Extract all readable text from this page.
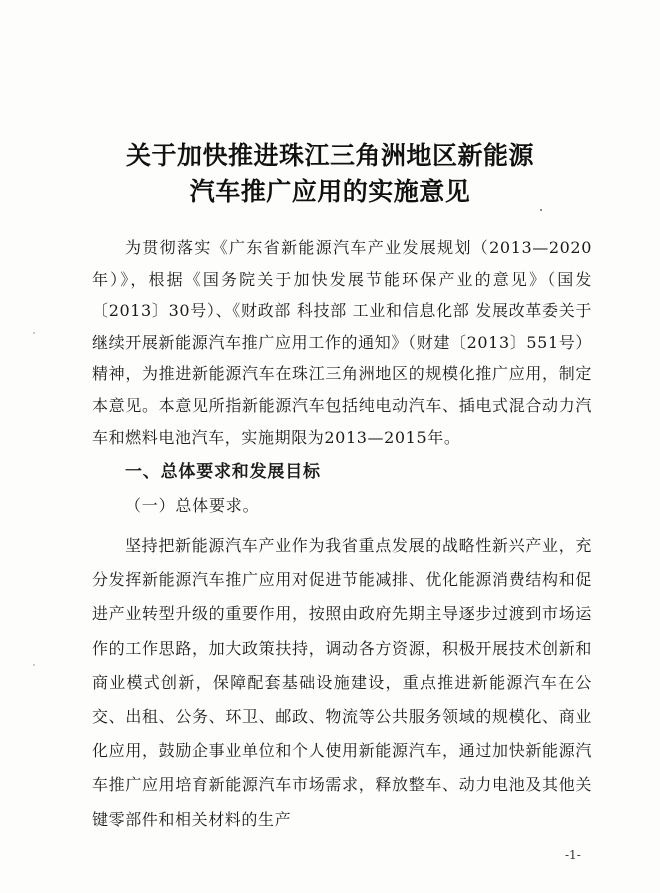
关于加快推进珠江三角洲地区新能源
汽车推广应用的实施意见
为贯彻落实《广东省新能源汽车产业发展规划（2013—2020年）》，根据《国务院关于加快发展节能环保产业的意见》（国发〔2013〕30号）、《财政部 科技部 工业和信息化部 发展改革委关于继续开展新能源汽车推广应用工作的通知》（财建〔2013〕551号）精神，为推进新能源汽车在珠江三角洲地区的规模化推广应用，制定本意见。本意见所指新能源汽车包括纯电动汽车、插电式混合动力汽车和燃料电池汽车，实施期限为2013—2015年。
一、总体要求和发展目标
（一）总体要求。
坚持把新能源汽车产业作为我省重点发展的战略性新兴产业，充分发挥新能源汽车推广应用对促进节能减排、优化能源消费结构和促进产业转型升级的重要作用，按照由政府先期主导逐步过渡到市场运作的工作思路，加大政策扶持，调动各方资源，积极开展技术创新和商业模式创新，保障配套基础设施建设，重点推进新能源汽车在公交、出租、公务、环卫、邮政、物流等公共服务领域的规模化、商业化应用，鼓励企事业单位和个人使用新能源汽车，通过加快新能源汽车推广应用培育新能源汽车市场需求，释放整车、动力电池及其他关键零部件和相关材料的生产
-1-
